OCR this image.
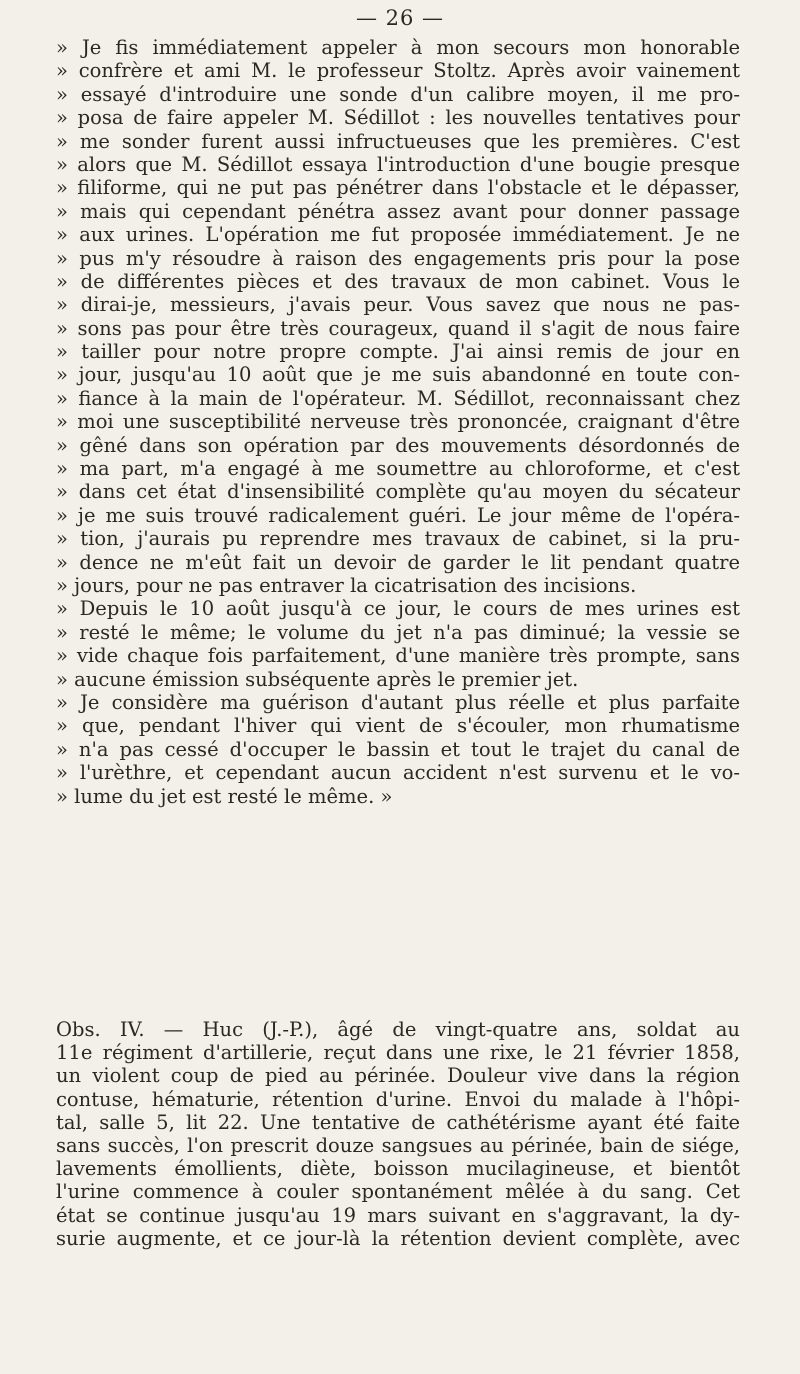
— 26 —
» Je fis immédiatement appeler à mon secours mon honorable
» confrère et ami M. le professeur Stoltz. Après avoir vainement
» essayé d'introduire une sonde d'un calibre moyen, il me pro-
» posa de faire appeler M. Sédillot : les nouvelles tentatives pour
» me sonder furent aussi infructueuses que les premières. C'est
» alors que M. Sédillot essaya l'introduction d'une bougie presque
» filiforme, qui ne put pas pénétrer dans l'obstacle et le dépasser,
» mais qui cependant pénétra assez avant pour donner passage
» aux urines. L'opération me fut proposée immédiatement. Je ne
» pus m'y résoudre à raison des engagements pris pour la pose
» de différentes pièces et des travaux de mon cabinet. Vous le
» dirai-je, messieurs, j'avais peur. Vous savez que nous ne pas-
» sons pas pour être très courageux, quand il s'agit de nous faire
» tailler pour notre propre compte. J'ai ainsi remis de jour en
» jour, jusqu'au 10 août que je me suis abandonné en toute con-
» fiance à la main de l'opérateur. M. Sédillot, reconnaissant chez
» moi une susceptibilité nerveuse très prononcée, craignant d'être
» gêné dans son opération par des mouvements désordonnés de
» ma part, m'a engagé à me soumettre au chloroforme, et c'est
» dans cet état d'insensibilité complète qu'au moyen du sécateur
» je me suis trouvé radicalement guéri. Le jour même de l'opéra-
» tion, j'aurais pu reprendre mes travaux de cabinet, si la pru-
» dence ne m'eût fait un devoir de garder le lit pendant quatre
» jours, pour ne pas entraver la cicatrisation des incisions.
» Depuis le 10 août jusqu'à ce jour, le cours de mes urines est
» resté le même; le volume du jet n'a pas diminué; la vessie se
» vide chaque fois parfaitement, d'une manière très prompte, sans
» aucune émission subséquente après le premier jet.
» Je considère ma guérison d'autant plus réelle et plus parfaite
» que, pendant l'hiver qui vient de s'écouler, mon rhumatisme
» n'a pas cessé d'occuper le bassin et tout le trajet du canal de
» l'urèthre, et cependant aucun accident n'est survenu et le vo-
» lume du jet est resté le même. »
Obs. IV. — Huc (J.-P.), âgé de vingt-quatre ans, soldat au
11e régiment d'artillerie, reçut dans une rixe, le 21 février 1858,
un violent coup de pied au périnée. Douleur vive dans la région
contuse, hématurie, rétention d'urine. Envoi du malade à l'hôpi-
tal, salle 5, lit 22. Une tentative de cathétérisme ayant été faite
sans succès, l'on prescrit douze sangsues au périnée, bain de siége,
lavements émollients, diète, boisson mucilagineuse, et bientôt
l'urine commence à couler spontanément mêlée à du sang. Cet
état se continue jusqu'au 19 mars suivant en s'aggravant, la dy-
surie augmente, et ce jour-là la rétention devient complète, avec
